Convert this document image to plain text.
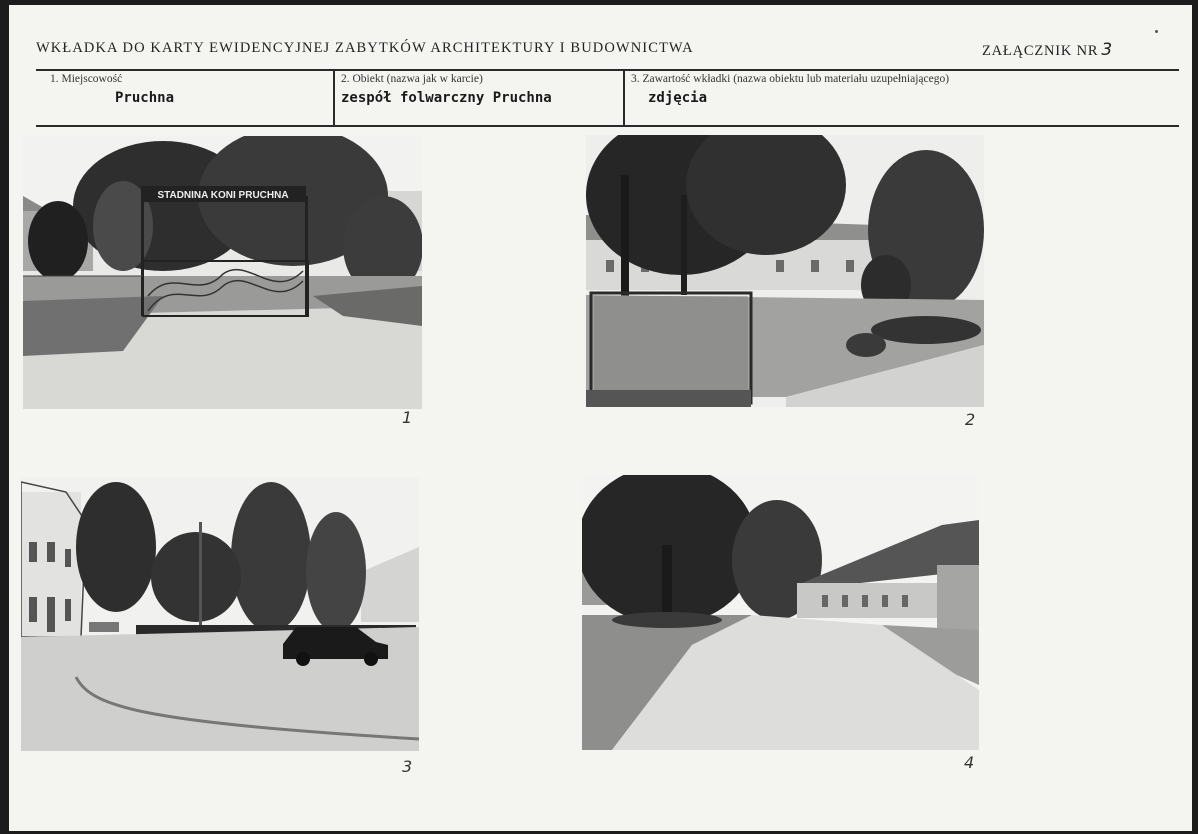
WKŁADKA DO KARTY EWIDENCYJNEJ ZABYTKÓW ARCHITEKTURY I BUDOWNICTWA	ZAŁĄCZNIK NR 3
1. Miejscowość
Pruchna
2. Obiekt (nazwa jak w karcie)
zespół folwarczny Pruchna
3. Zawartość wkładki (nazwa obiektu lub materiału uzupełniającego)
zdjęcia
STADNINA KONI PRUCHNA
1	2
3	4
